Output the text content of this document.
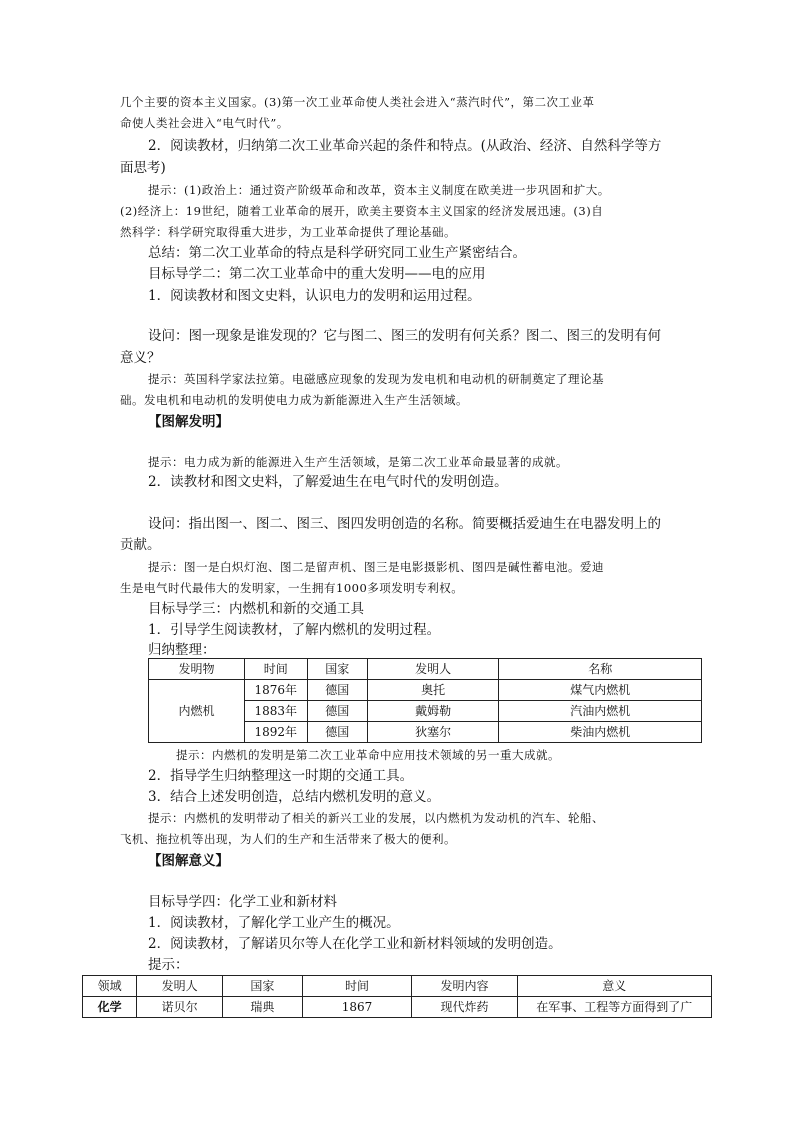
几个主要的资本主义国家。(3)第一次工业革命使人类社会进入“蒸汽时代”，第二次工业革
命使人类社会进入“电气时代”。
2．阅读教材，归纳第二次工业革命兴起的条件和特点。(从政治、经济、自然科学等方
面思考)
提示：(1)政治上：通过资产阶级革命和改革，资本主义制度在欧美进一步巩固和扩大。
(2)经济上：19世纪，随着工业革命的展开，欧美主要资本主义国家的经济发展迅速。(3)自
然科学：科学研究取得重大进步，为工业革命提供了理论基础。
总结：第二次工业革命的特点是科学研究同工业生产紧密结合。
目标导学二：第二次工业革命中的重大发明——电的应用
1．阅读教材和图文史料，认识电力的发明和运用过程。
设问：图一现象是谁发现的？它与图二、图三的发明有何关系？图二、图三的发明有何
意义？
提示：英国科学家法拉第。电磁感应现象的发现为发电机和电动机的研制奠定了理论基
础。发电机和电动机的发明使电力成为新能源进入生产生活领域。
【图解发明】
提示：电力成为新的能源进入生产生活领域，是第二次工业革命最显著的成就。
2．读教材和图文史料，了解爱迪生在电气时代的发明创造。
设问：指出图一、图二、图三、图四发明创造的名称。简要概括爱迪生在电器发明上的
贡献。
提示：图一是白炽灯泡、图二是留声机、图三是电影摄影机、图四是碱性蓄电池。爱迪
生是电气时代最伟大的发明家，一生拥有1000多项发明专利权。
目标导学三：内燃机和新的交通工具
1．引导学生阅读教材，了解内燃机的发明过程。
归纳整理：
发明物	时间	国家	发明人	名称
内燃机	1876年	德国	奥托	煤气内燃机
	1883年	德国	戴姆勒	汽油内燃机
	1892年	德国	狄塞尔	柴油内燃机
提示：内燃机的发明是第二次工业革命中应用技术领域的另一重大成就。
2．指导学生归纳整理这一时期的交通工具。
3．结合上述发明创造，总结内燃机发明的意义。
提示：内燃机的发明带动了相关的新兴工业的发展，以内燃机为发动机的汽车、轮船、
飞机、拖拉机等出现，为人们的生产和生活带来了极大的便利。
【图解意义】
目标导学四：化学工业和新材料
1．阅读教材，了解化学工业产生的概况。
2．阅读教材，了解诺贝尔等人在化学工业和新材料领域的发明创造。
提示：
领域	发明人	国家	时间	发明内容	意义
化学	诺贝尔	瑞典	1867	现代炸药	在军事、工程等方面得到了广
